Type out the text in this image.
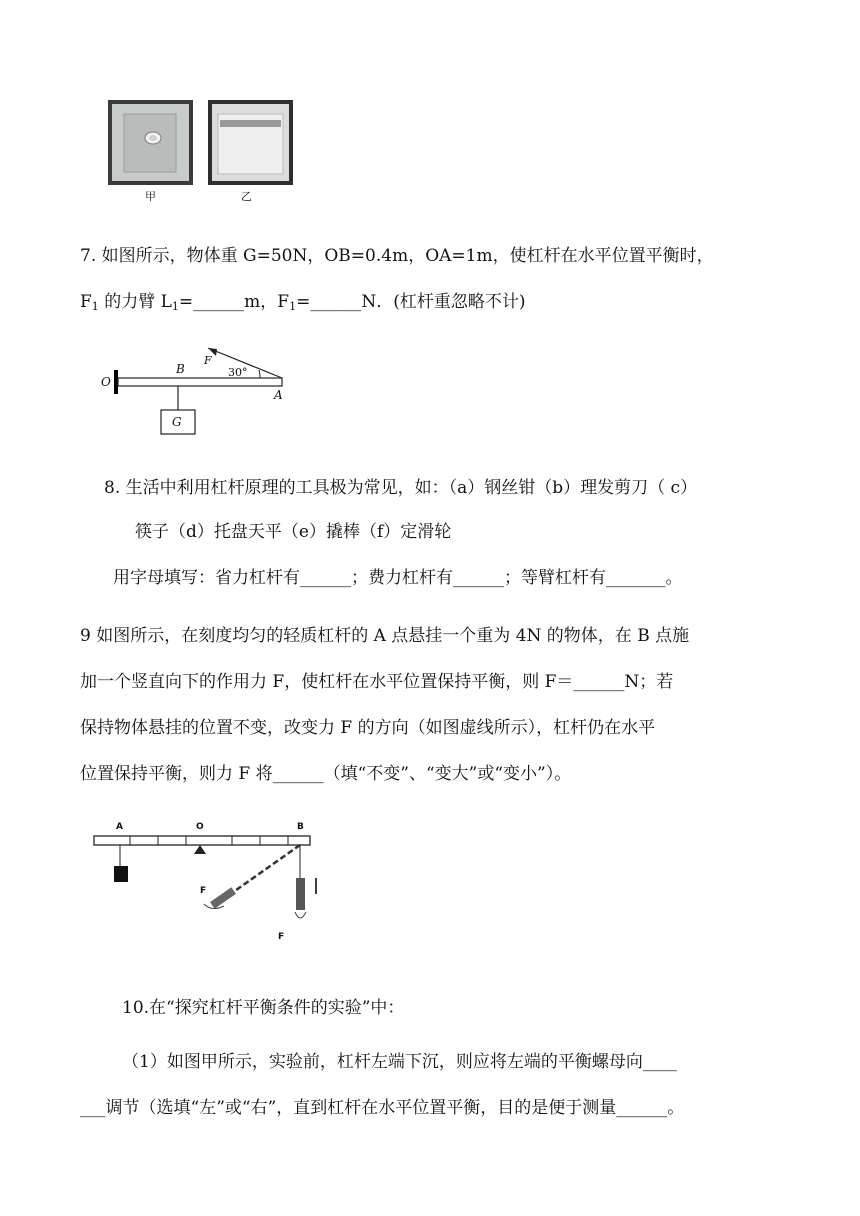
甲	乙
7. 如图所示，物体重 G=50N，OB=0.4m，OA=1m，使杠杆在水平位置平衡时，
$F_1$ 的力臂 $L_1=\_\_\_\_\_\_m$，$F_1=\_\_\_\_\_\_N$．(杠杆重忽略不计)
O
B
F
30°
A
G
8. 生活中利用杠杆原理的工具极为常见，如：（a）钢丝钳（b）理发剪刀（ c）
筷子（d）托盘天平（e）撬棒（f）定滑轮
用字母填写：省力杠杆有______；费力杠杆有______；等臂杠杆有_______。
9 如图所示，在刻度均匀的轻质杠杆的 A 点悬挂一个重为 4N 的物体，在 B 点施
加一个竖直向下的作用力 F，使杠杆在水平位置保持平衡，则 F＝______N；若
保持物体悬挂的位置不变，改变力 F 的方向（如图虚线所示），杠杆仍在水平
位置保持平衡，则力 F 将______（填“不变”、“变大”或“变小”）。
A	O	B
F
F
10.在“探究杠杆平衡条件的实验”中：
（1）如图甲所示，实验前，杠杆左端下沉，则应将左端的平衡螺母向____
___调节（选填“左”或“右”，直到杠杆在水平位置平衡，目的是便于测量______。
